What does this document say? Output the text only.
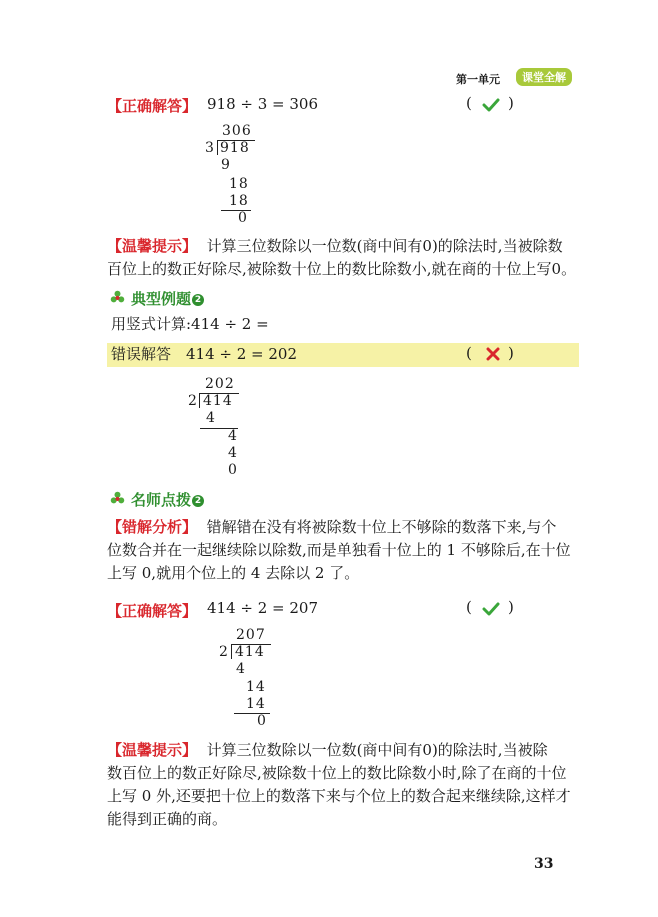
第一单元	课堂全解
【正确解答】 918 ÷ 3 = 306	( )
306
3 918
9
18
18
0
【温馨提示】 计算三位数除以一位数(商中间有0)的除法时,当被除数
百位上的数正好除尽,被除数十位上的数比除数小,就在商的十位上写0。
典型例题 2
用竖式计算:414 ÷ 2 =
错误解答 414 ÷ 2 = 202	( )
202
2 414
4
4
4
0
名师点拨 2
【错解分析】 错解错在没有将被除数十位上不够除的数落下来,与个
位数合并在一起继续除以除数,而是单独看十位上的 1 不够除后,在十位
上写 0,就用个位上的 4 去除以 2 了。
【正确解答】 414 ÷ 2 = 207	( )
207
2 414
4
14
14
0
【温馨提示】 计算三位数除以一位数(商中间有0)的除法时,当被除
数百位上的数正好除尽,被除数十位上的数比除数小时,除了在商的十位
上写 0 外,还要把十位上的数落下来与个位上的数合起来继续除,这样才
能得到正确的商。
33
